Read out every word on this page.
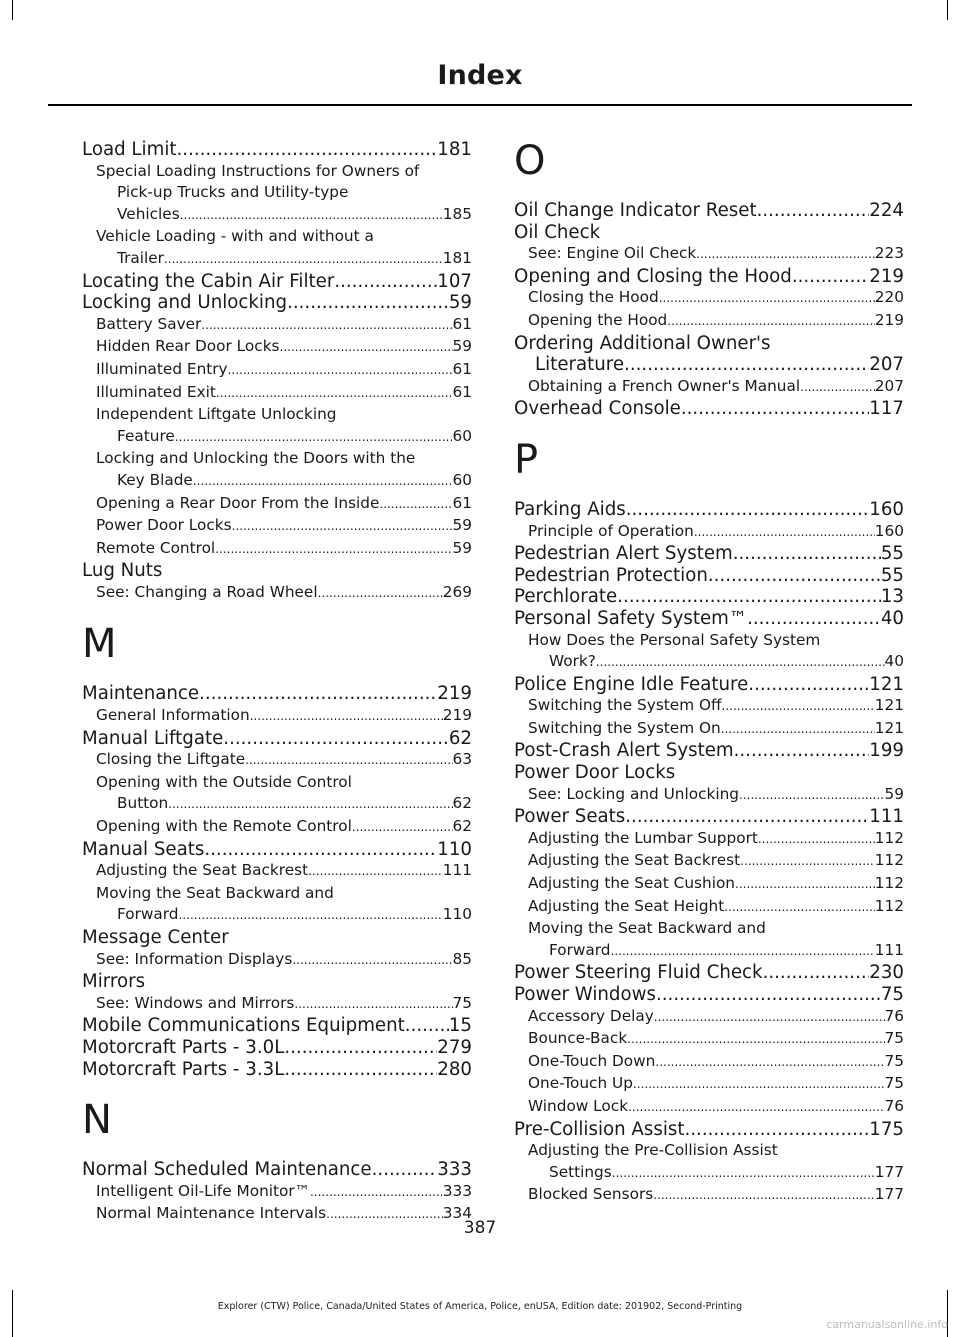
Index
Load Limit .....	181
Special Loading Instructions for Owners of
Pick-up Trucks and Utility-type
Vehicles .....	185
Vehicle Loading - with and without a
Trailer .....	181
Locating the Cabin Air Filter .....	107
Locking and Unlocking .....	59
Battery Saver .....	61
Hidden Rear Door Locks .....	59
Illuminated Entry .....	61
Illuminated Exit .....	61
Independent Liftgate Unlocking
Feature .....	60
Locking and Unlocking the Doors with the
Key Blade .....	60
Opening a Rear Door From the Inside .....	61
Power Door Locks .....	59
Remote Control .....	59
Lug Nuts
See: Changing a Road Wheel .....	269
M
Maintenance .....	219
General Information .....	219
Manual Liftgate .....	62
Closing the Liftgate .....	63
Opening with the Outside Control
Button .....	62
Opening with the Remote Control .....	62
Manual Seats .....	110
Adjusting the Seat Backrest .....	111
Moving the Seat Backward and
Forward .....	110
Message Center
See: Information Displays .....	85
Mirrors
See: Windows and Mirrors .....	75
Mobile Communications Equipment ..... 15
Motorcraft Parts - 3.0L .....	279
Motorcraft Parts - 3.3L .....	280
N
Normal Scheduled Maintenance .....	333
Intelligent Oil-Life Monitor™ .....	333
Normal Maintenance Intervals .....	334
O
Oil Change Indicator Reset .....	224
Oil Check
See: Engine Oil Check .....	223
Opening and Closing the Hood .....	219
Closing the Hood .....	220
Opening the Hood .....	219
Ordering Additional Owner's
Literature .....	207
Obtaining a French Owner's Manual .....	207
Overhead Console .....	117
P
Parking Aids .....	160
Principle of Operation .....	160
Pedestrian Alert System .....	55
Pedestrian Protection .....	55
Perchlorate .....	13
Personal Safety System™ .....	40
How Does the Personal Safety System
Work? .....	40
Police Engine Idle Feature .....	121
Switching the System Off .....	121
Switching the System On .....	121
Post-Crash Alert System .....	199
Power Door Locks
See: Locking and Unlocking .....	59
Power Seats .....	111
Adjusting the Lumbar Support .....	112
Adjusting the Seat Backrest .....	112
Adjusting the Seat Cushion .....	112
Adjusting the Seat Height .....	112
Moving the Seat Backward and
Forward .....	111
Power Steering Fluid Check .....	230
Power Windows .....	75
Accessory Delay .....	76
Bounce-Back .....	75
One-Touch Down .....	75
One-Touch Up .....	75
Window Lock .....	76
Pre-Collision Assist .....	175
Adjusting the Pre-Collision Assist
Settings .....	177
Blocked Sensors .....	177
387
Explorer (CTW) Police, Canada/United States of America, Police, enUSA, Edition date: 201902, Second-Printing
carmanualsonline.info
